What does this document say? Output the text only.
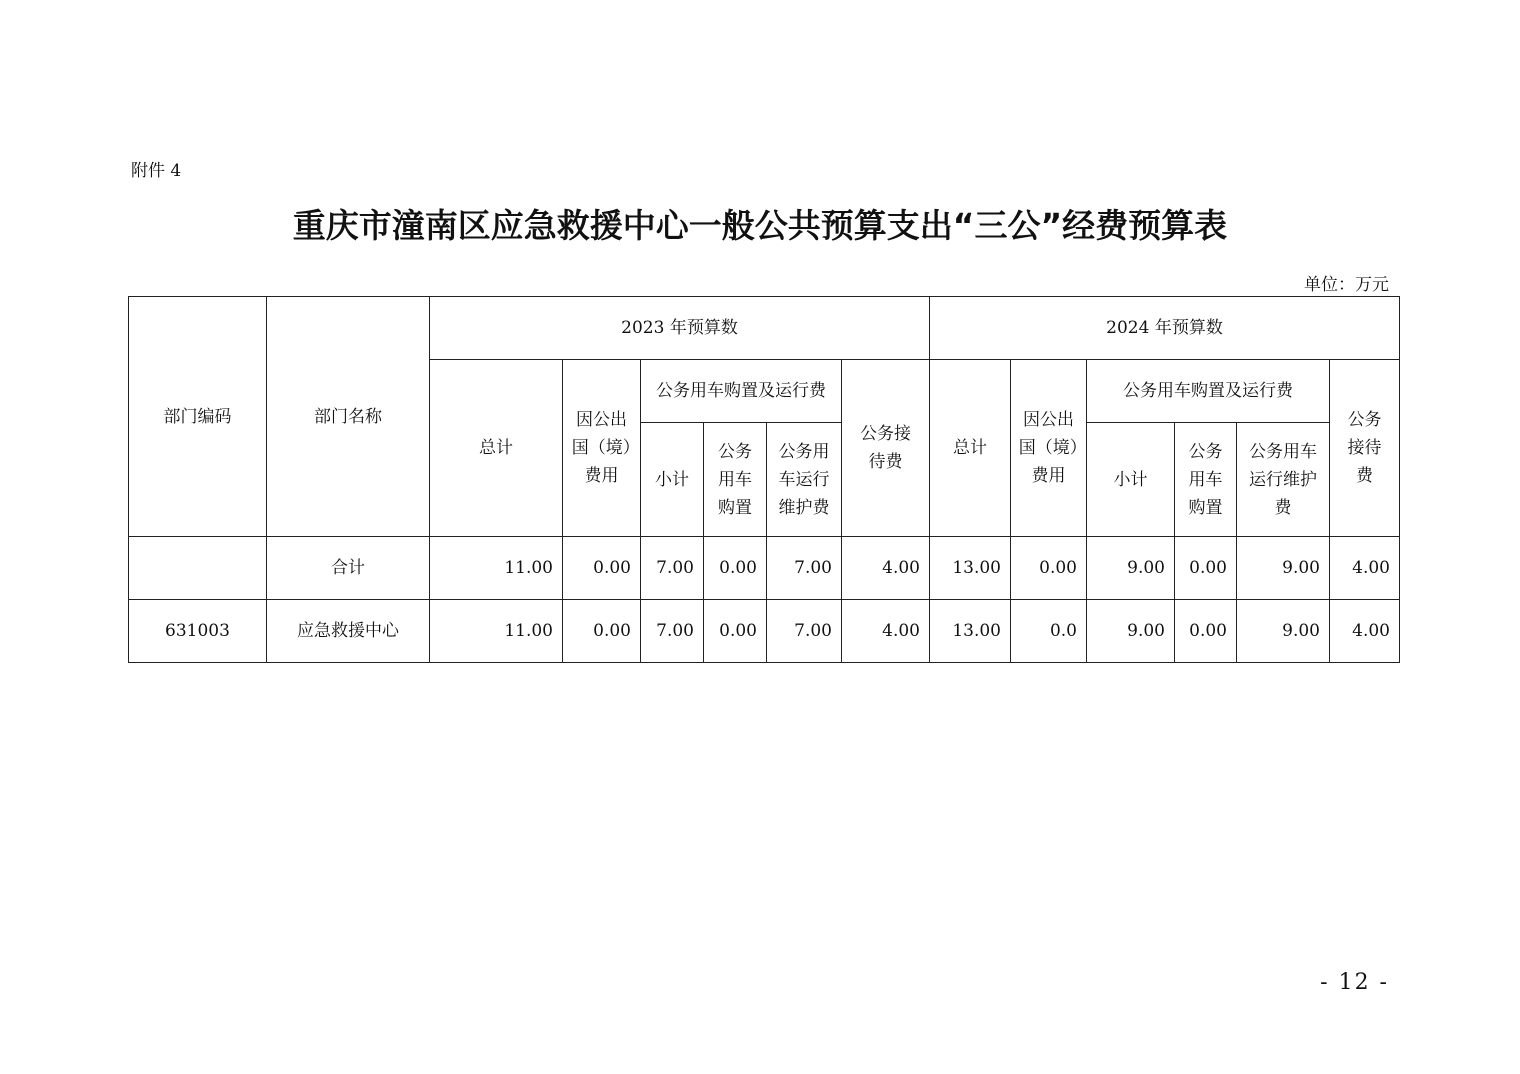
附件 4
重庆市潼南区应急救援中心一般公共预算支出“三公”经费预算表
单位：万元
部门编码	部门名称	2023 年预算数						2024 年预算数					
		总计	因公出国（境）费用	公务用车购置及运行费			公务接待费	总计	因公出国（境）费用	公务用车购置及运行费			公务接待费
				小计	公务用车购置	公务用车运行维护费				小计	公务用车购置	公务用车运行维护费	
	合计	11.00	0.00	7.00	0.00	7.00	4.00	13.00	0.00	9.00	0.00	9.00	4.00
631003	应急救援中心	11.00	0.00	7.00	0.00	7.00	4.00	13.00	0.0	9.00	0.00	9.00	4.00
- 12 -
